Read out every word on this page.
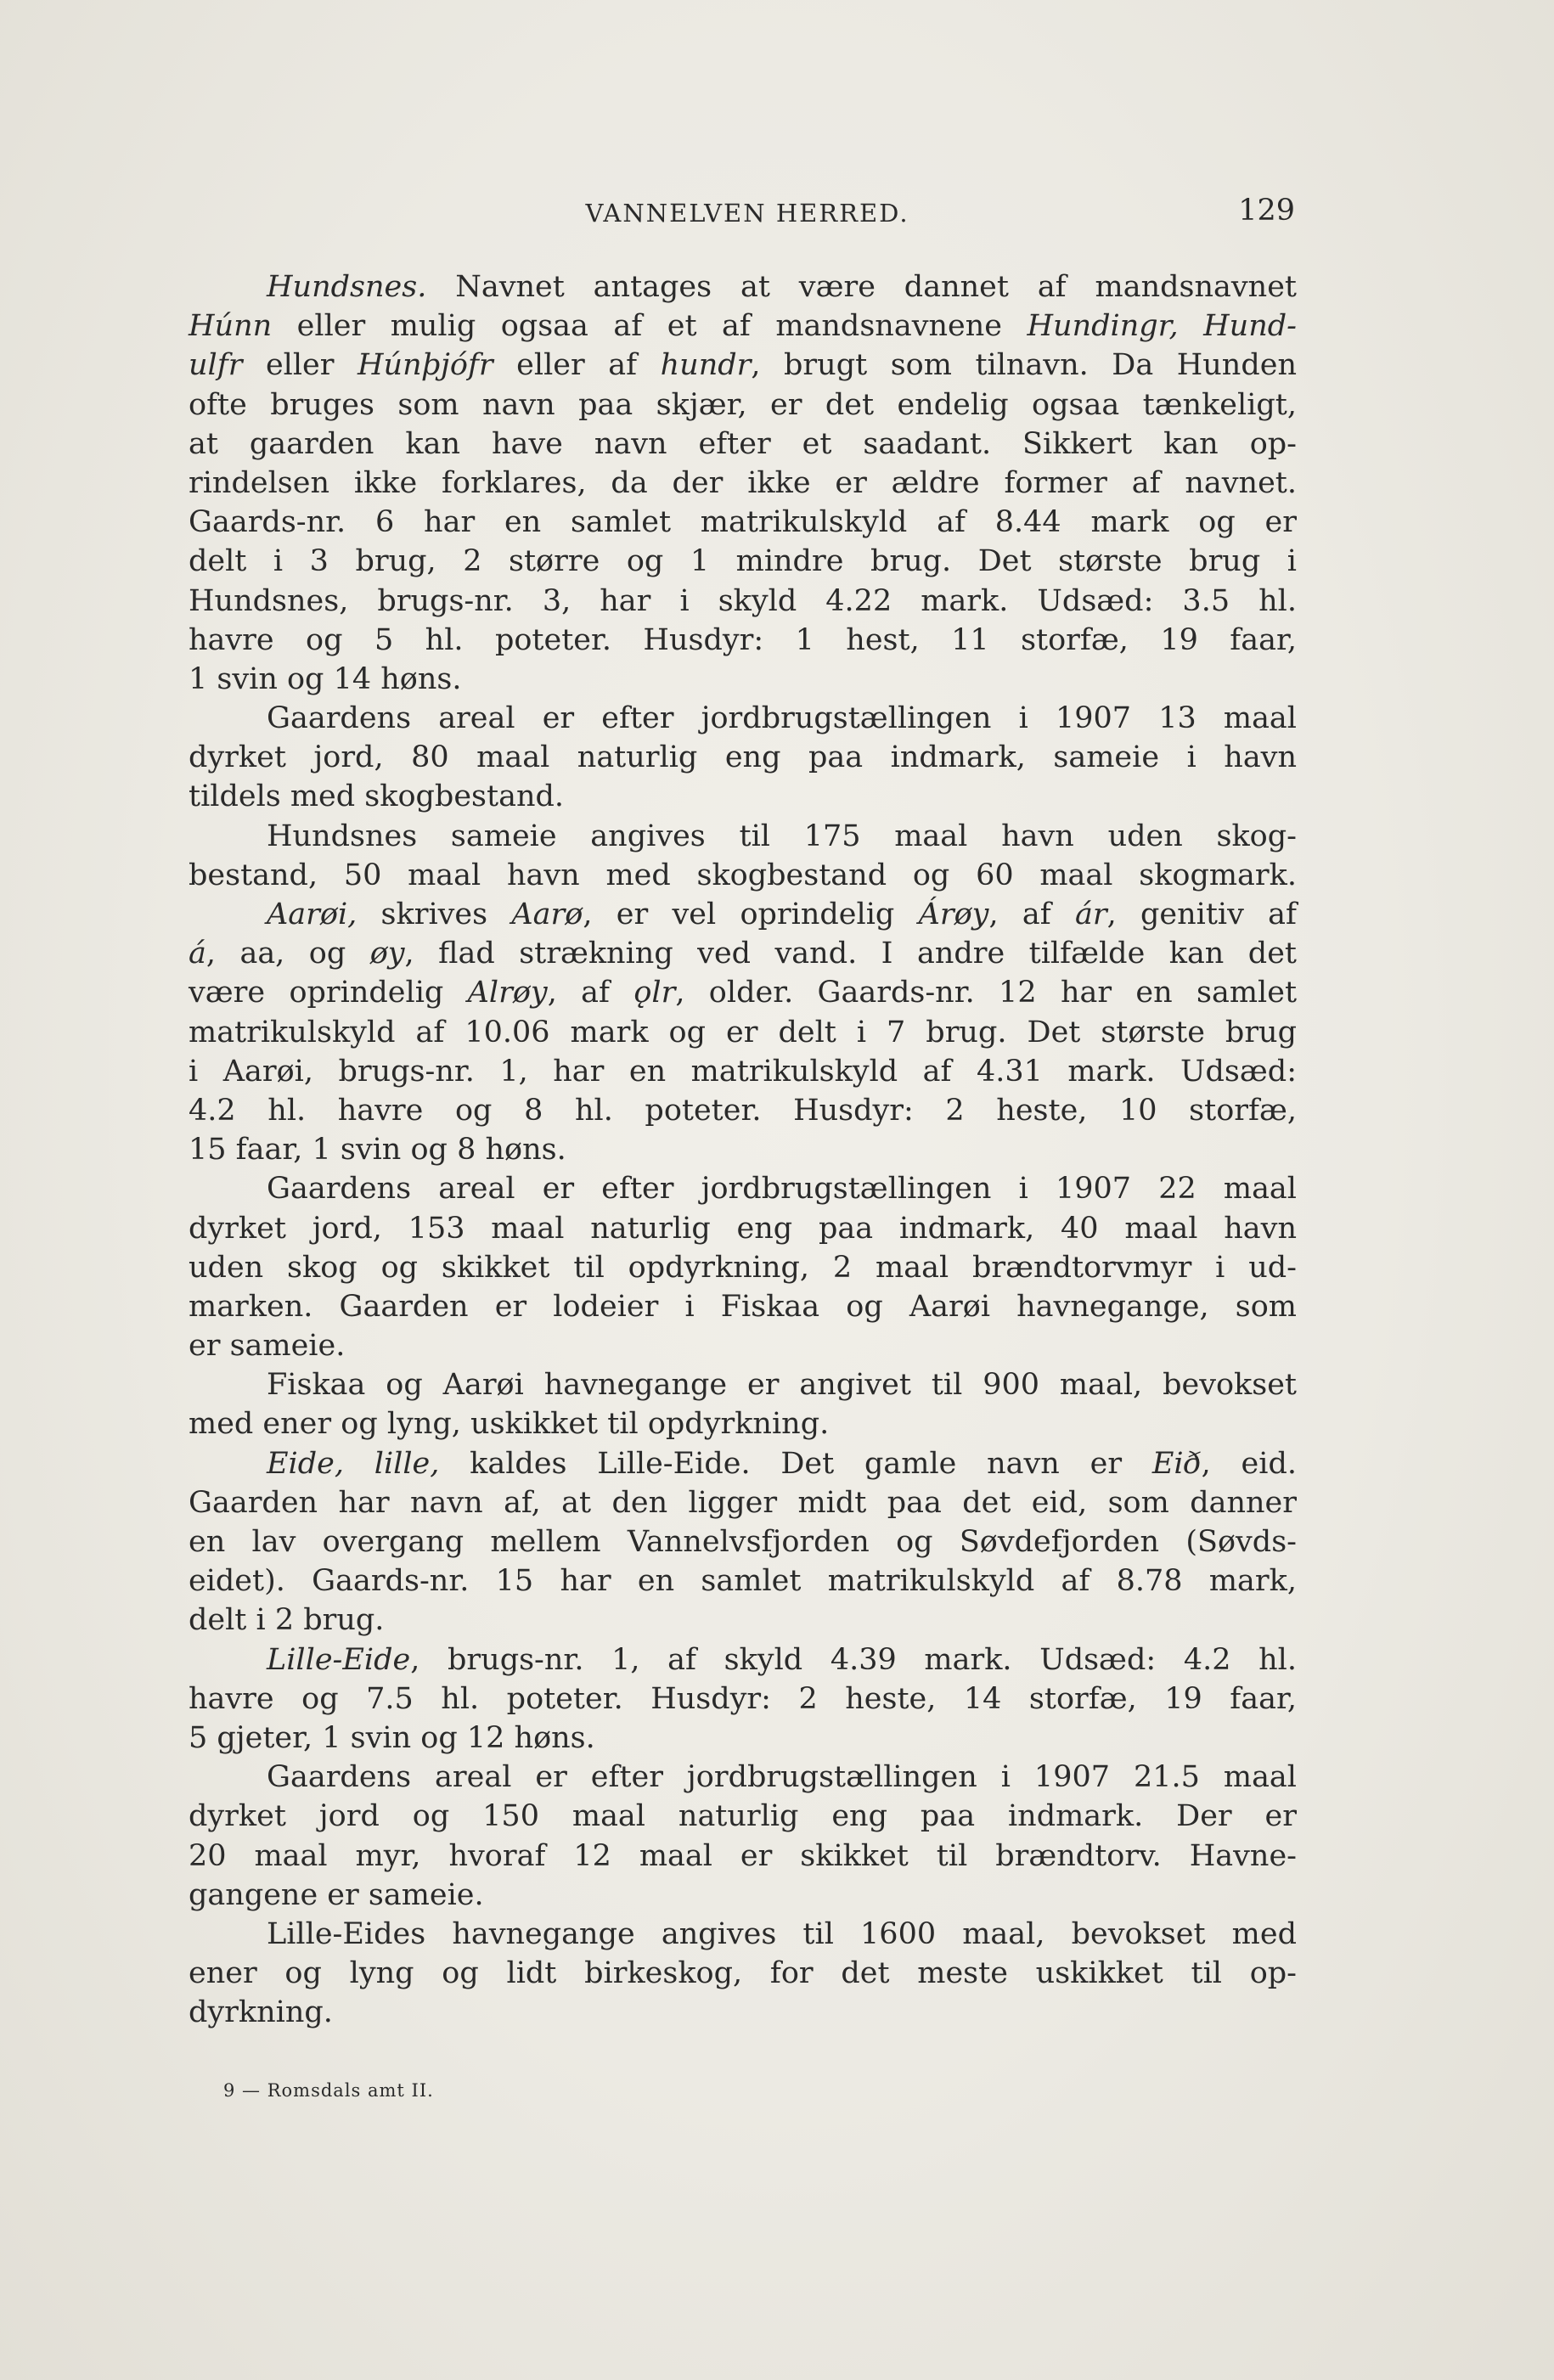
VANNELVEN HERRED.	129
Hundsnes. Navnet antages at være dannet af mandsnavnet
Húnn eller mulig ogsaa af et af mandsnavnene Hundingr, Hund-
ulfr eller Húnþjófr eller af hundr, brugt som tilnavn. Da Hunden
ofte bruges som navn paa skjær, er det endelig ogsaa tænkeligt,
at gaarden kan have navn efter et saadant. Sikkert kan op-
rindelsen ikke forklares, da der ikke er ældre former af navnet.
Gaards-nr. 6 har en samlet matrikulskyld af 8.44 mark og er
delt i 3 brug, 2 større og 1 mindre brug. Det største brug i
Hundsnes, brugs-nr. 3, har i skyld 4.22 mark. Udsæd: 3.5 hl.
havre og 5 hl. poteter. Husdyr: 1 hest, 11 storfæ, 19 faar,
1 svin og 14 høns.
Gaardens areal er efter jordbrugstællingen i 1907 13 maal
dyrket jord, 80 maal naturlig eng paa indmark, sameie i havn
tildels med skogbestand.
Hundsnes sameie angives til 175 maal havn uden skog-
bestand, 50 maal havn med skogbestand og 60 maal skogmark.
Aarøi, skrives Aarø, er vel oprindelig Árøy, af ár, genitiv af
á, aa, og øy, flad strækning ved vand. I andre tilfælde kan det
være oprindelig Alrøy, af ǫlr, older. Gaards-nr. 12 har en samlet
matrikulskyld af 10.06 mark og er delt i 7 brug. Det største brug
i Aarøi, brugs-nr. 1, har en matrikulskyld af 4.31 mark. Udsæd:
4.2 hl. havre og 8 hl. poteter. Husdyr: 2 heste, 10 storfæ,
15 faar, 1 svin og 8 høns.
Gaardens areal er efter jordbrugstællingen i 1907 22 maal
dyrket jord, 153 maal naturlig eng paa indmark, 40 maal havn
uden skog og skikket til opdyrkning, 2 maal brændtorvmyr i ud-
marken. Gaarden er lodeier i Fiskaa og Aarøi havnegange, som
er sameie.
Fiskaa og Aarøi havnegange er angivet til 900 maal, bevokset
med ener og lyng, uskikket til opdyrkning.
Eide, lille, kaldes Lille-Eide. Det gamle navn er Eið, eid.
Gaarden har navn af, at den ligger midt paa det eid, som danner
en lav overgang mellem Vannelvsfjorden og Søvdefjorden (Søvds-
eidet). Gaards-nr. 15 har en samlet matrikulskyld af 8.78 mark,
delt i 2 brug.
Lille-Eide, brugs-nr. 1, af skyld 4.39 mark. Udsæd: 4.2 hl.
havre og 7.5 hl. poteter. Husdyr: 2 heste, 14 storfæ, 19 faar,
5 gjeter, 1 svin og 12 høns.
Gaardens areal er efter jordbrugstællingen i 1907 21.5 maal
dyrket jord og 150 maal naturlig eng paa indmark. Der er
20 maal myr, hvoraf 12 maal er skikket til brændtorv. Havne-
gangene er sameie.
Lille-Eides havnegange angives til 1600 maal, bevokset med
ener og lyng og lidt birkeskog, for det meste uskikket til op-
dyrkning.
9 — Romsdals amt II.
